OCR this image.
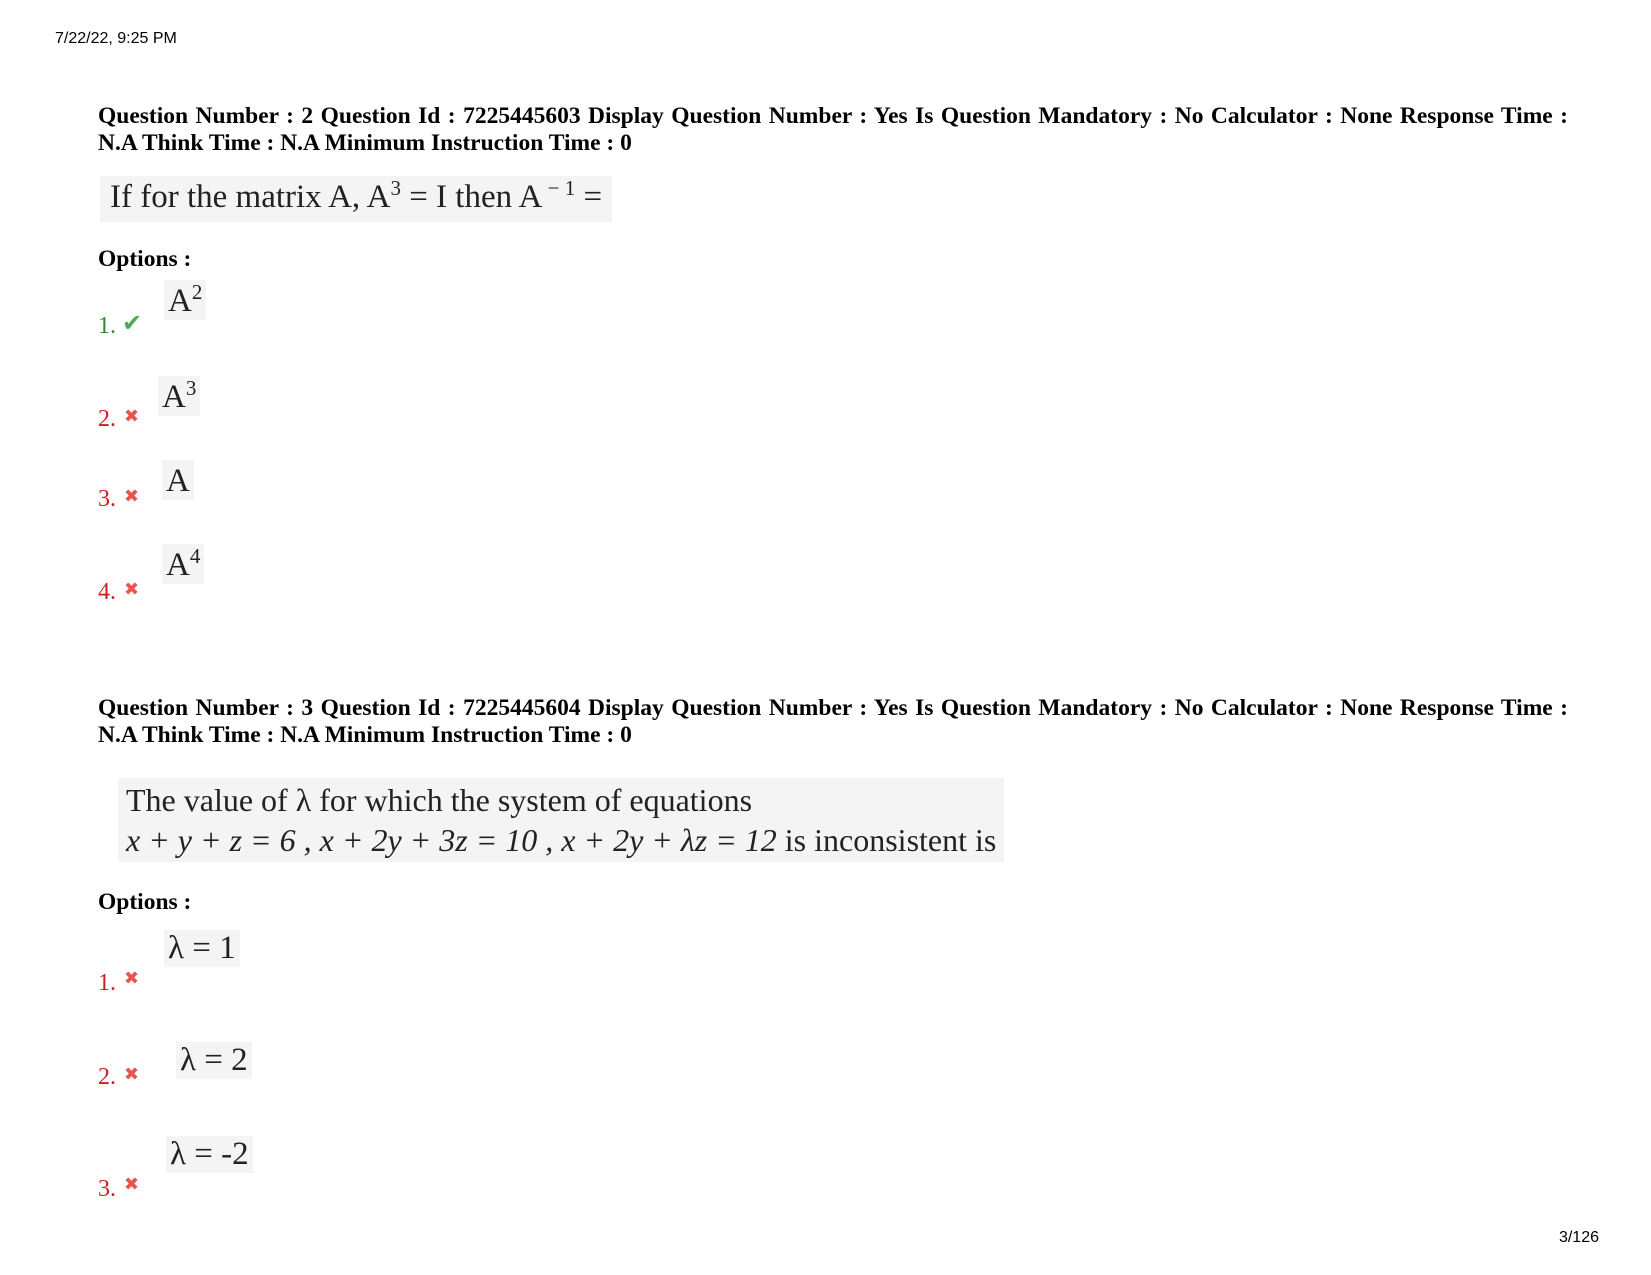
7/22/22, 9:25 PM
Question Number : 2 Question Id : 7225445603 Display Question Number : Yes Is Question Mandatory : No Calculator : None Response Time : N.A Think Time : N.A Minimum Instruction Time : 0
If for the matrix A, $A^3 = I$ then A $^{- 1}$ =
Options :
1. ✔
$A^2$
2. ✖
$A^3$
3. ✖ A
4. ✖
$A^4$
Question Number : 3 Question Id : 7225445604 Display Question Number : Yes Is Question Mandatory : No Calculator : None Response Time : N.A Think Time : N.A Minimum Instruction Time : 0
The value of λ for which the system of equations
x + y + z = 6 , x + 2y + 3z = 10 , x + 2y + λz = 12 is inconsistent is
Options :
1. ✖
λ = 1
2. ✖ λ = 2
3. ✖
λ = -2
3/126
